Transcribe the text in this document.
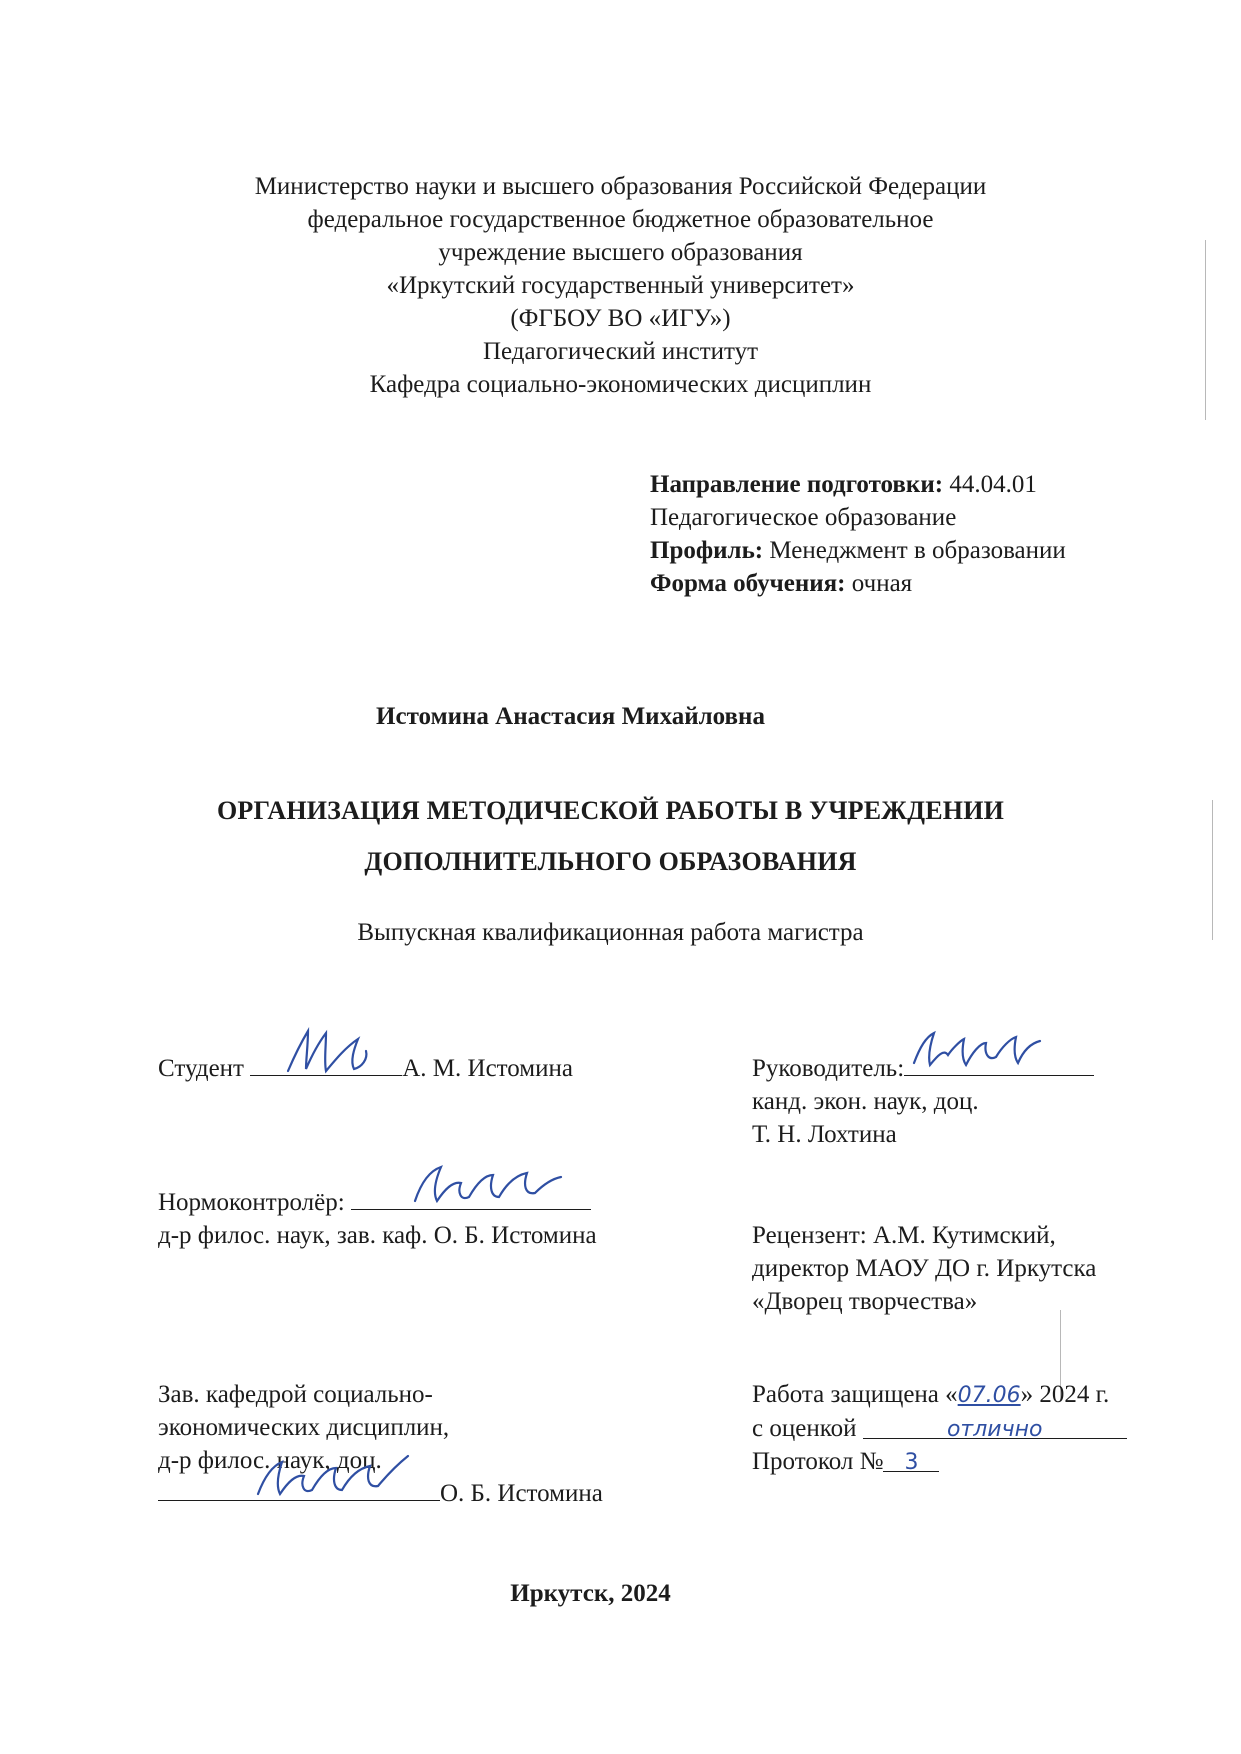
Министерство науки и высшего образования Российской Федерации
федеральное государственное бюджетное образовательное
учреждение высшего образования
«Иркутский государственный университет»
(ФГБОУ ВО «ИГУ»)
Педагогический институт
Кафедра социально-экономических дисциплин
Направление подготовки: 44.04.01
Педагогическое образование
Профиль: Менеджмент в образовании
Форма обучения: очная
Истомина Анастасия Михайловна
ОРГАНИЗАЦИЯ МЕТОДИЧЕСКОЙ РАБОТЫ В УЧРЕЖДЕНИИ
ДОПОЛНИТЕЛЬНОГО ОБРАЗОВАНИЯ
Выпускная квалификационная работа магистра
Студент	А. М. Истомина	Руководитель:
канд. экон. наук, доц.
Т. Н. Лохтина
Нормоконтролёр:
д-р филос. наук, зав. каф. О. Б. Истомина	Рецензент: А.М. Кутимский,
директор МАОУ ДО г. Иркутска
«Дворец творчества»
Зав. кафедрой социально-
экономических дисциплин,
д-р филос. наук, доц.
О. Б. Истомина
Работа защищена «07.06» 2024 г.
с оценкой	отлично
Протокол № 3
Иркутск, 2024
